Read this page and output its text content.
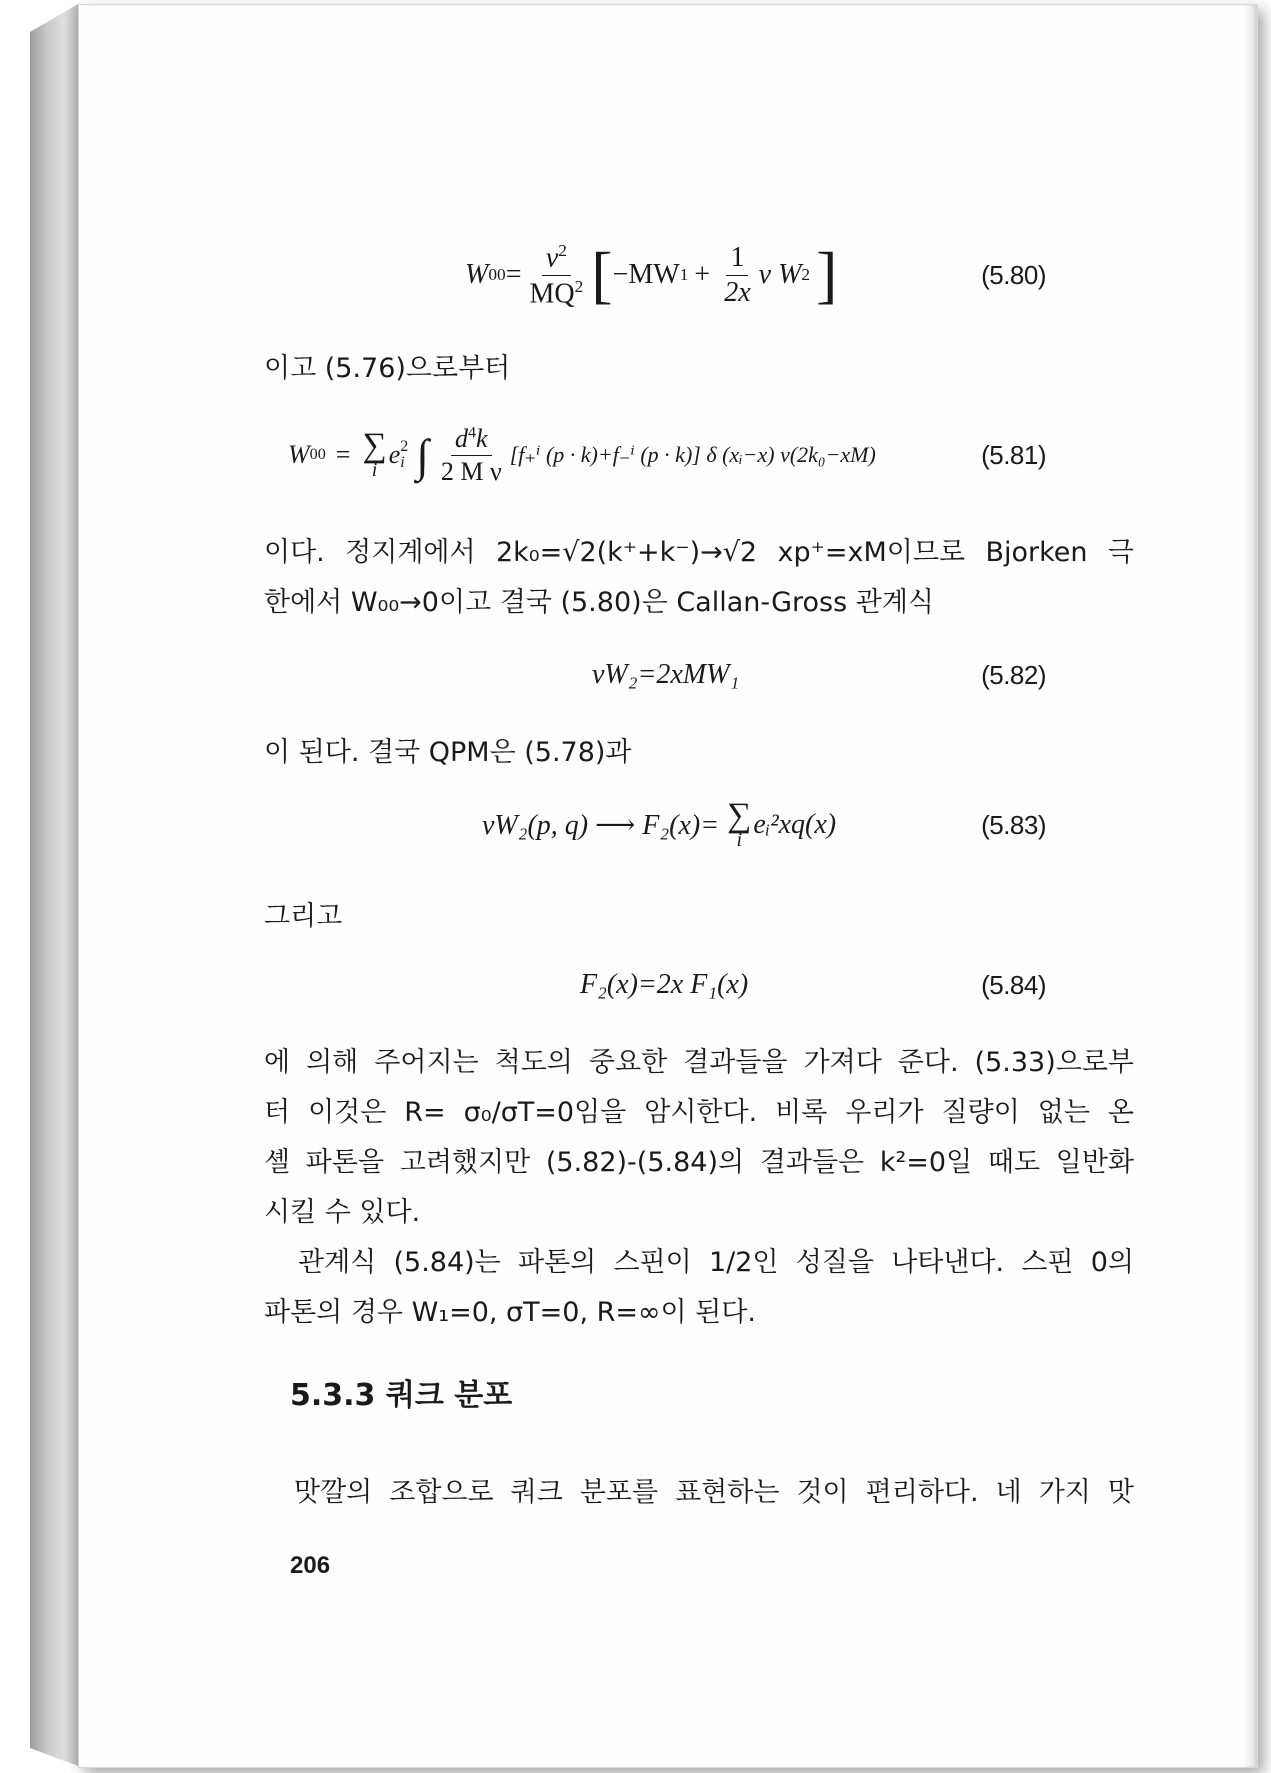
W $00 = \frac{\nu^2}{MQ^2}$ [ −MW $1 + \frac{1}{2x}$ ν W 2 ]	(5.80)
이고 (5.76)으로부터
W 00 = ∑
i
e 2
i ∫ $\frac{d^4k}{\text{2 M ν}} [f_+^i$ (p · k)+f₋ⁱ (p · k)] δ (xᵢ−x) ν(2k₀−xM)	(5.81)
이다. 정지계에서 2k₀=√2(k⁺+k⁻)→√2 xp⁺=xM이므로 Bjorken 극
한에서 W₀₀→0이고 결국 (5.80)은 Callan-Gross 관계식
νW₂=2xMW₁	(5.82)
이 된다. 결국 QPM은 (5.78)과
νW₂(p, q) ⟶ F₂(x)= ∑
i
eᵢ²xq(x)	(5.83)
그리고
F₂(x)=2x F₁(x)	(5.84)
에 의해 주어지는 척도의 중요한 결과들을 가져다 준다. (5.33)으로부
터 이것은 R= σ₀/σT=0임을 암시한다. 비록 우리가 질량이 없는 온
셸 파톤을 고려했지만 (5.82)-(5.84)의 결과들은 k²=0일 때도 일반화
시킬 수 있다.
관계식 (5.84)는 파톤의 스핀이 1/2인 성질을 나타낸다. 스핀 0의
파톤의 경우 W₁=0, σT=0, R=∞이 된다.
5.3.3 쿼크 분포
맛깔의 조합으로 쿼크 분포를 표현하는 것이 편리하다. 네 가지 맛
206
